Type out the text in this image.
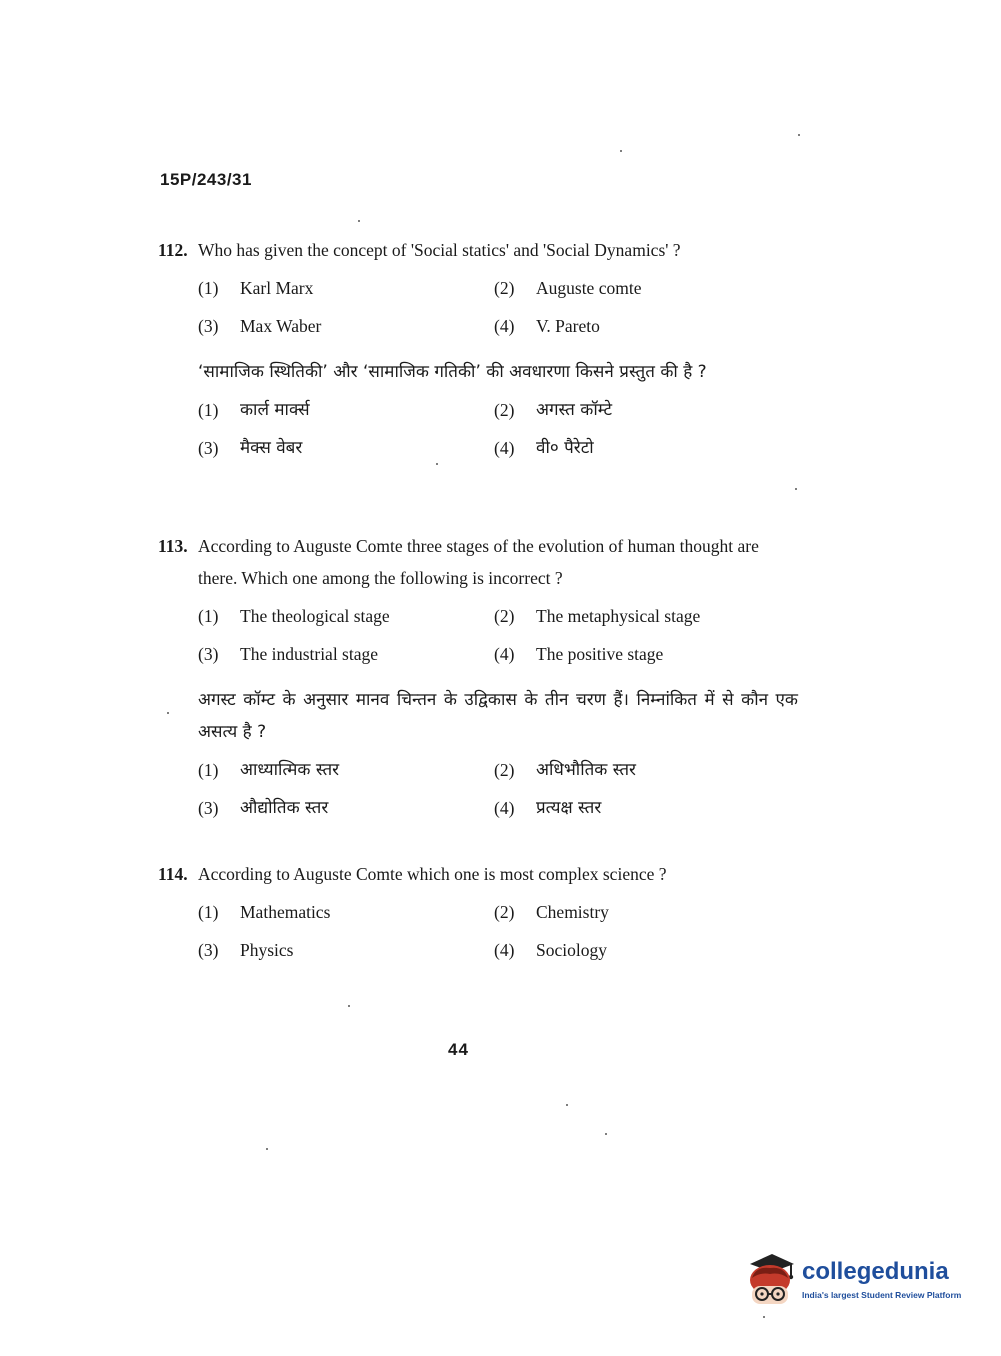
15P/243/31
112. Who has given the concept of 'Social statics' and 'Social Dynamics' ?
(1)	Karl Marx	(2)	Auguste comte
(3)	Max Waber	(4)	V. Pareto
‘सामाजिक स्थितिकी’ और ‘सामाजिक गतिकी’ की अवधारणा किसने प्रस्तुत की है ?
(1)	कार्ल मार्क्स	(2)	अगस्त कॉम्टे
(3)	मैक्स वेबर	(4)	वी० पैरेटो
113. According to Auguste Comte three stages of the evolution of human thought are there. Which one among the following is incorrect ?
(1)	The theological stage	(2)	The metaphysical stage
(3)	The industrial stage	(4)	The positive stage
अगस्ट कॉम्ट के अनुसार मानव चिन्तन के उद्विकास के तीन चरण हैं। निम्नांकित में से कौन एक असत्य है ?
(1)	आध्यात्मिक स्तर	(2)	अधिभौतिक स्तर
(3)	औद्योतिक स्तर	(4)	प्रत्यक्ष स्तर
114. According to Auguste Comte which one is most complex science ?
(1)	Mathematics	(2)	Chemistry
(3)	Physics	(4)	Sociology
44
collegedunia
India's largest Student Review Platform
